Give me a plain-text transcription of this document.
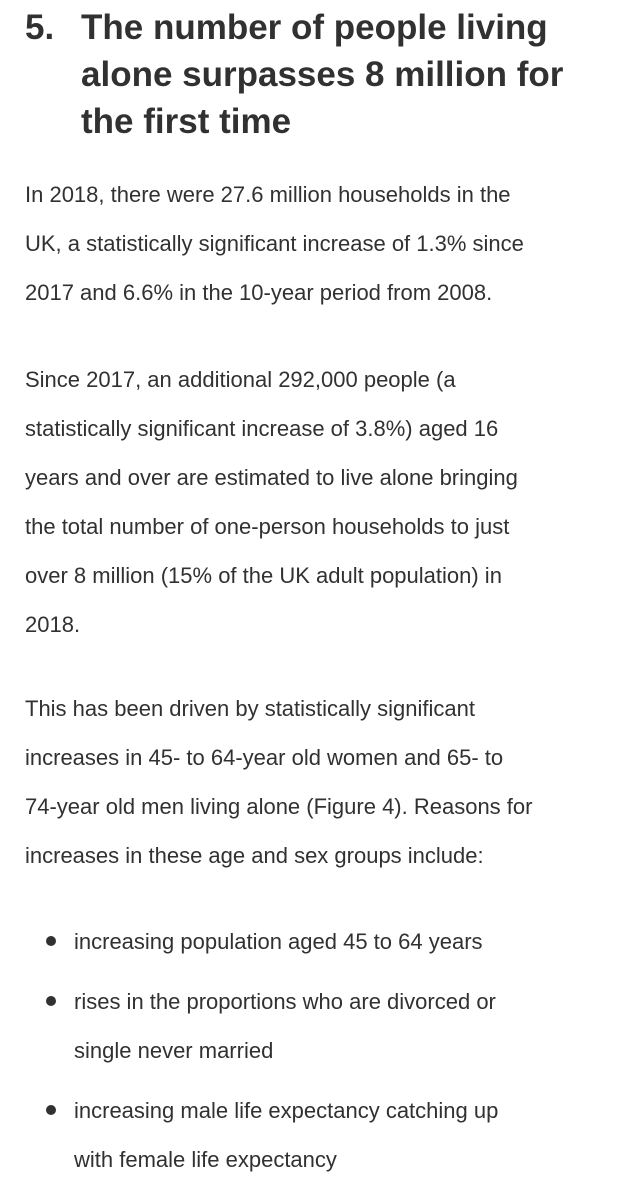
5. The number of people living
alone surpasses 8 million for
the first time

In 2018, there were 27.6 million households in the
UK, a statistically significant increase of 1.3% since
2017 and 6.6% in the 10-year period from 2008.

Since 2017, an additional 292,000 people (a
statistically significant increase of 3.8%) aged 16
years and over are estimated to live alone bringing
the total number of one-person households to just
over 8 million (15% of the UK adult population) in
2018.

This has been driven by statistically significant
increases in 45- to 64-year old women and 65- to
74-year old men living alone (Figure 4). Reasons for
increases in these age and sex groups include:

increasing population aged 45 to 64 years
rises in the proportions who are divorced or
single never married
increasing male life expectancy catching up
with female life expectancy
